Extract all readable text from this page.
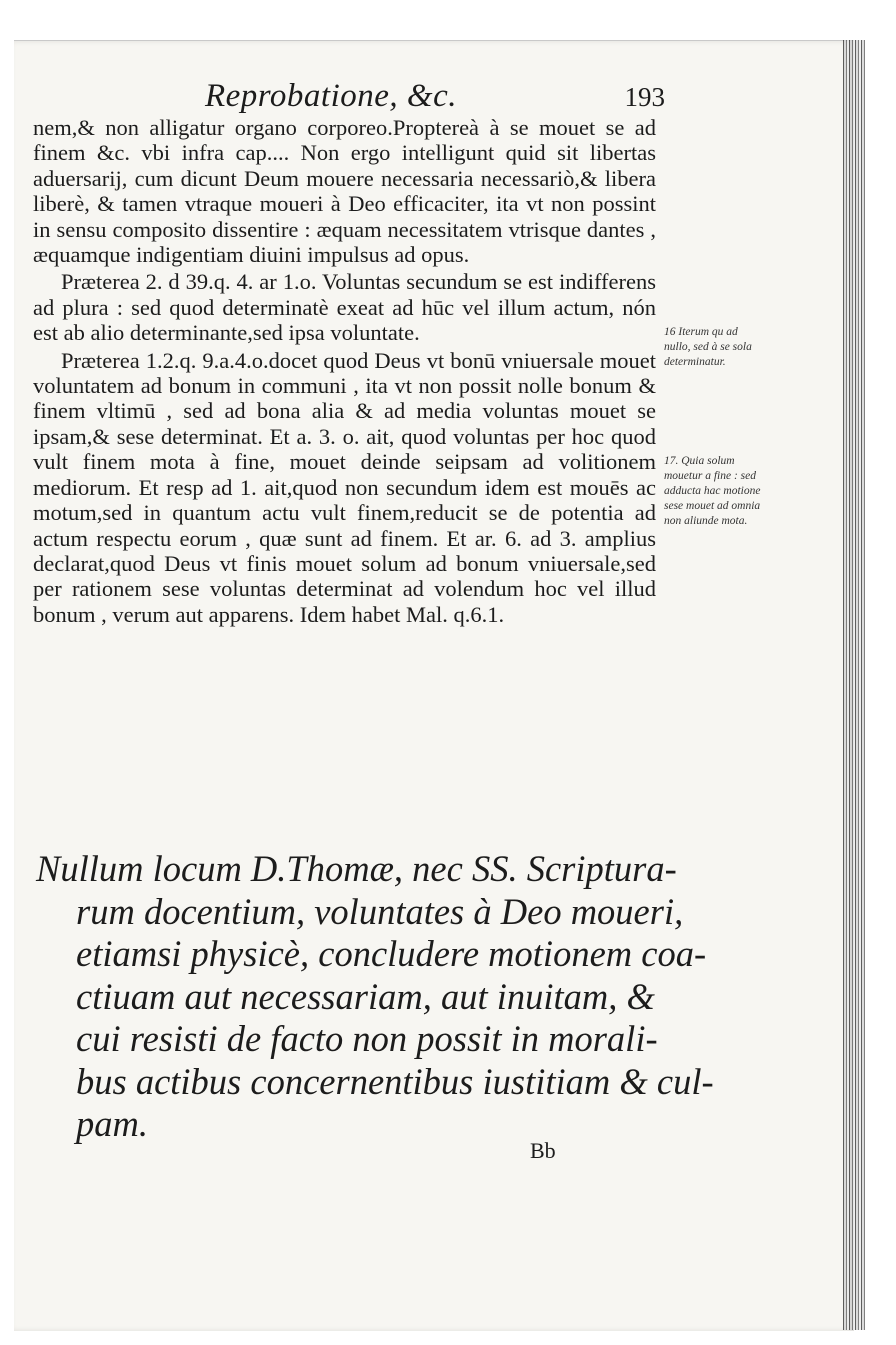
Reprobatione, &c.	193

nem,& non alligatur organo corporeo.Proptereà à se mouet se ad finem &c. vbi infra cap.... Non ergo intelligunt quid sit libertas aduersarij, cum dicunt Deum mouere necessaria necessariò,& libera liberè, & tamen vtraque moueri à Deo efficaciter, ita vt non possint in sensu composito dissentire : æquam necessitatem vtrisque dantes , æquamque indigentiam diuini impulsus ad opus.

Præterea 2. d 39.q. 4. ar 1.o. Voluntas secundum se est indifferens ad plura : sed quod determinatè exeat ad hūc vel illum actum, nón est ab alio determinante,sed ipsa voluntate.

Præterea 1.2.q. 9.a.4.o.docet quod Deus vt bonū vniuersale mouet voluntatem ad bonum in communi , ita vt non possit nolle bonum & finem vltimū , sed ad bona alia & ad media voluntas mouet se ipsam,& sese determinat. Et a. 3. o. ait, quod voluntas per hoc quod vult finem mota à fine, mouet deinde seipsam ad volitionem mediorum. Et resp ad 1. ait,quod non secundum idem est mouēs ac motum,sed in quantum actu vult finem,reducit se de potentia ad actum respectu eorum , quæ sunt ad finem. Et ar. 6. ad 3. amplius declarat,quod Deus vt finis mouet solum ad bonum vniuersale,sed per rationem sese voluntas determinat ad volendum hoc vel illud bonum , verum aut apparens. Idem habet Mal. q.6.1.

16 Iterum qu ad nullo, sed à se sola determinatur.
17. Quia solum mouetur a fine : sed adducta hac motione sese mouet ad omnia non aliunde mota.
Nullum locum D.Thomæ, nec SS. Scriptura-
rum docentium, voluntates à Deo moueri,
etiamsi physicè, concludere motionem coa-
ctiuam aut necessariam, aut inuitam, &
cui resisti de facto non possit in morali-
bus actibus concernentibus iustitiam & cul-
pam.
Bb
